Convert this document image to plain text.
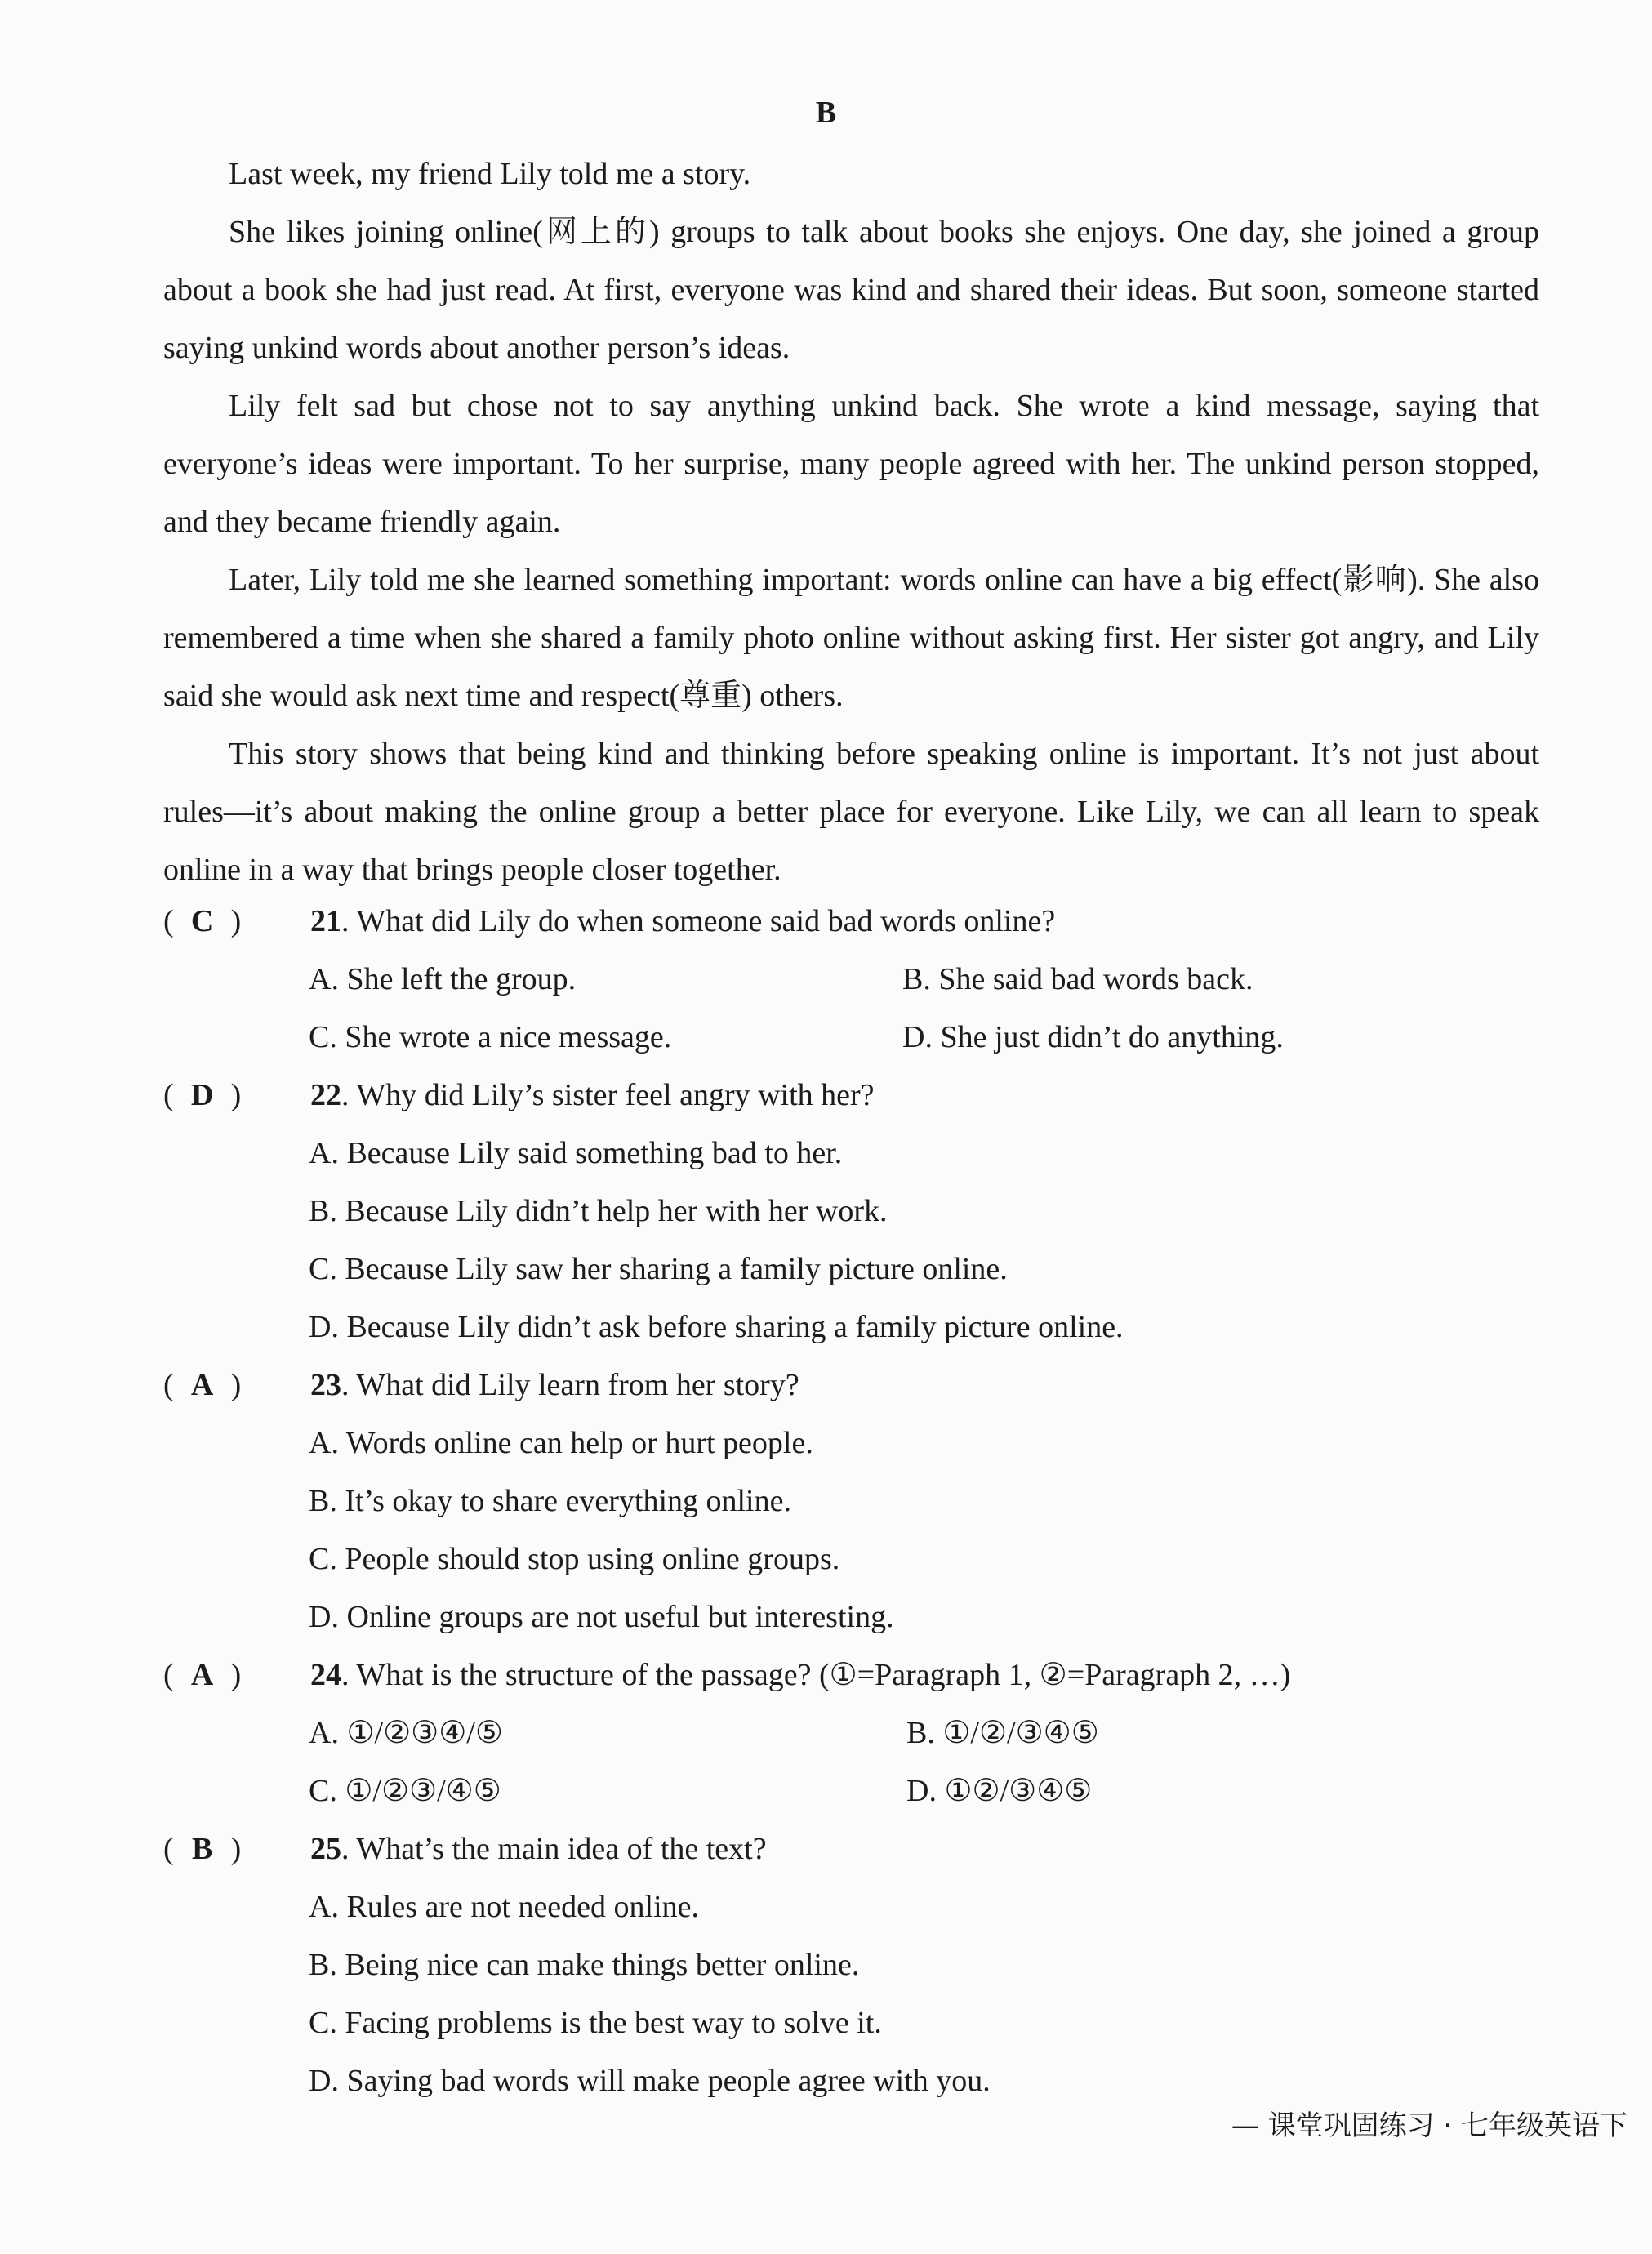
B

Last week, my friend Lily told me a story.

She likes joining online(网上的) groups to talk about books she enjoys. One day, she joined a group about a book she had just read. At first, everyone was kind and shared their ideas. But soon, someone started saying unkind words about another person’s ideas.

Lily felt sad but chose not to say anything unkind back. She wrote a kind message, saying that everyone’s ideas were important. To her surprise, many people agreed with her. The unkind person stopped, and they became friendly again.

Later, Lily told me she learned something important: words online can have a big effect(影响). She also remembered a time when she shared a family photo online without asking first. Her sister got angry, and Lily said she would ask next time and respect(尊重) others.

This story shows that being kind and thinking before speaking online is important. It’s not just about rules—it’s about making the online group a better place for everyone. Like Lily, we can all learn to speak online in a way that brings people closer together.

( C ) 21. What did Lily do when someone said bad words online?
A. She left the group.	B. She said bad words back.
C. She wrote a nice message.	D. She just didn’t do anything.
( D ) 22. Why did Lily’s sister feel angry with her?
A. Because Lily said something bad to her.
B. Because Lily didn’t help her with her work.
C. Because Lily saw her sharing a family picture online.
D. Because Lily didn’t ask before sharing a family picture online.
( A ) 23. What did Lily learn from her story?
A. Words online can help or hurt people.
B. It’s okay to share everything online.
C. People should stop using online groups.
D. Online groups are not useful but interesting.
( A ) 24. What is the structure of the passage? (①=Paragraph 1, ②=Paragraph 2, …)
A. ①/②③④/⑤	B. ①/②/③④⑤
C. ①/②③/④⑤	D. ①②/③④⑤
( B ) 25. What’s the main idea of the text?
A. Rules are not needed online.
B. Being nice can make things better online.
C. Facing problems is the best way to solve it.
D. Saying bad words will make people agree with you.
— 课堂巩固练习 · 七年级英语下
